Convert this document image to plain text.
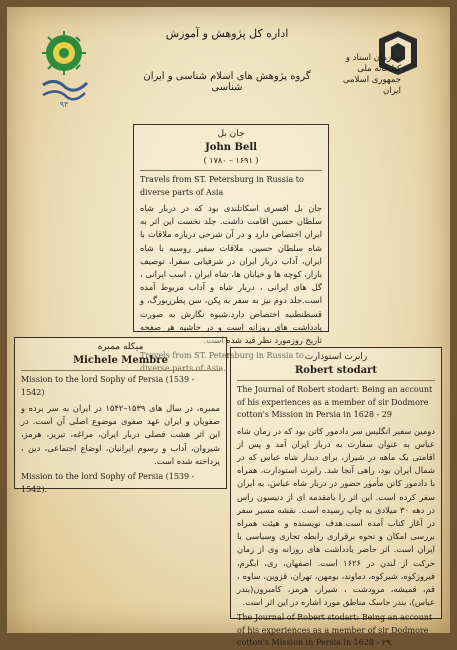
۹۳
اداره کل پژوهش و آموزش
گروه پژوهش های اسلام شناسی و ایران شناسی
سازمان اسناد و کتابخانه ملی جمهوری اسلامی ایران
جان بل
John Bell
( ۱۶۹۱ – ۱۷۸۰ )
Travels from ST. Petersburg in Russia to diverse parts of Asia
جان بل افسری اسکاتلندی بود که در دربار شاه سلطان حسین اقامت داشت. جلد نخست این اثر به ایران اختصاص دارد و در آن شرحی درباره ملاقات با شاه سلطان حسین، ملاقات سفیر روسیه با شاه ایران، آداب دربار ایران در شرفیابی سفرا، توصیف بازار، کوچه ها و خیابان ها، شاه ایران ، اسب ایرانی ، گل های ایرانی ، دربار شاه و آداب مربوط آمده است.جلد دوم نیز به سفر به پکن، سن پطرزبورگ، و قسطنطنیه اختصاص دارد.شیوه نگارش به صورت یادداشت های روزانه است و در حاشیه هر صفحه تاریخ روزمورد نظر قید شده است.
Travels from ST. Petersburg in Russia to diverse parts of Asia.
میکله ممبره
Michele Membre
Mission to the lord Sophy of Persia (1539 - 1542)
ممبره، در سال های ۱۵۳۹–۱۵۴۲ در ایران به سر برده و صفویان و ایران عهد صفوی موضوع اصلی آن است. در این اثر هشت فصلی دربار ایران، مراغه، تبریز، هرمز، شیروان، آداب و رسوم ایرانیان، اوضاع اجتماعی، دین ، پرداخته شده است.
Mission to the lord Sophy of Persia (1539 - 1542).
رابرت استودارت
Robert stodart
The Journal of Robert stodart: Being an account of his experiences as a member of sir Dodmore cotton's Mission in Persia in 1628 - 29
دومین سفیر انگلیس سر دادمور کاتن بود که در زمان شاه عباس به عنوان سفارت به دربار ایران آمد و پس از اقامتی یک ماهه در شیراز، برای دیدار شاه عباس که در شمال ایران بود، راهی آنجا شد. رابرت استودارت، همراه با دادمور کاتن مأمور حضور در دربار شاه عباس، به ایران سفر کرده است. این اثر را بامقدمه ای از دنیسون راس در دهه ۳۰ میلادی به چاپ رسیده است. نقشه مسیر سفر در آغاز کتاب آمده است.هدف نویسنده و هیئت همراه بررسی امکان و نحوه برقراری رابطه تجاری وسیاسی با ایران است. اثر حاضر یادداشت های روزانه وی از زمان حرکت از لندن در ۱۶۲۶ است. اصفهان، ری، ابگرم، فیروزکوه، شیرکوه، دماوند، بومهن، تهران، قزوین، ساوه ، قم، قمیشه، مرودشت ، شیراز، هرمز، کامبرون(بندر عباس)، بندر جاسک مناطق مورد اشاره در این اثر است.
The Journal of Robert stodart: Being an account of his experiences as a member of sir Dodmore cotton's Mission in Persia in 1628 - ۲۹.
